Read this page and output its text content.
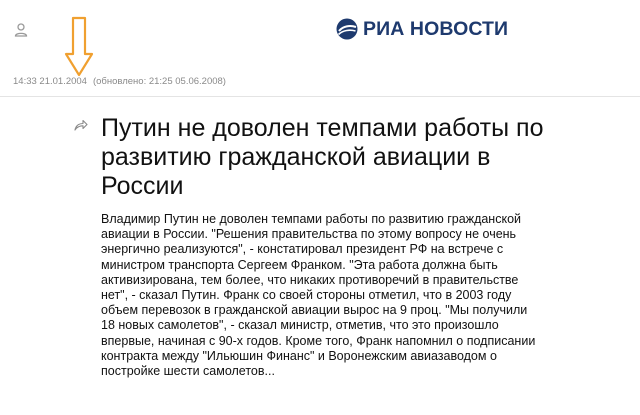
РИА НОВОСТИ
14:33 21.01.2004 (обновлено: 21:25 05.06.2008)
Путин не доволен темпами работы по развитию гражданской авиации в России

Владимир Путин не доволен темпами работы по развитию гражданской авиации в России. "Решения правительства по этому вопросу не очень энергично реализуются", - констатировал президент РФ на встрече с министром транспорта Сергеем Франком. "Эта работа должна быть активизирована, тем более, что никаких противоречий в правительстве нет", - сказал Путин. Франк со своей стороны отметил, что в 2003 году объем перевозок в гражданской авиации вырос на 9 проц. "Мы получили 18 новых самолетов", - сказал министр, отметив, что это произошло впервые, начиная с 90-х годов. Кроме того, Франк напомнил о подписании контракта между "Ильюшин Финанс" и Воронежским авиазаводом о постройке шести самолетов...
